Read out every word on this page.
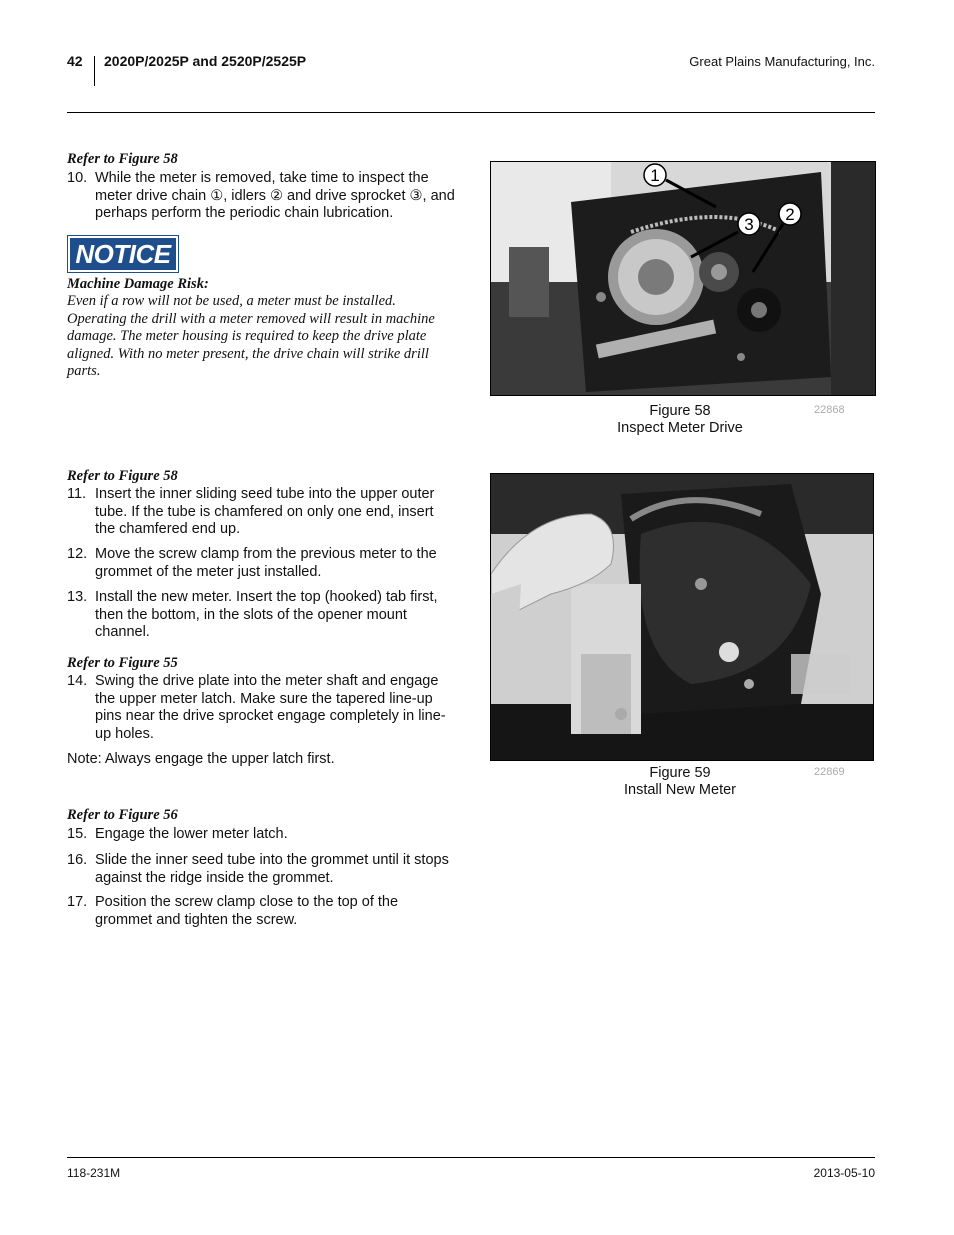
42 2020P/2025P and 2520P/2525P	Great Plains Manufacturing, Inc.
Refer to Figure 58
10. While the meter is removed, take time to inspect the meter drive chain ①, idlers ② and drive sprocket ③, and perhaps perform the periodic chain lubrication.
NOTICE
Machine Damage Risk:
Even if a row will not be used, a meter must be installed. Operating the drill with a meter removed will result in machine damage. The meter housing is required to keep the drive plate aligned. With no meter present, the drive chain will strike drill parts.
1
3
2
Figure 58
Inspect Meter Drive
22868
Refer to Figure 58
11. Insert the inner sliding seed tube into the upper outer tube. If the tube is chamfered on only one end, insert the chamfered end up.
12. Move the screw clamp from the previous meter to the grommet of the meter just installed.
13. Install the new meter. Insert the top (hooked) tab first, then the bottom, in the slots of the opener mount channel.
Refer to Figure 55
14. Swing the drive plate into the meter shaft and engage the upper meter latch. Make sure the tapered line-up pins near the drive sprocket engage completely in line-up holes.
Note: Always engage the upper latch first.
Figure 59
Install New Meter
22869
Refer to Figure 56
15. Engage the lower meter latch.
16. Slide the inner seed tube into the grommet until it stops against the ridge inside the grommet.
17. Position the screw clamp close to the top of the grommet and tighten the screw.
118-231M	2013-05-10
